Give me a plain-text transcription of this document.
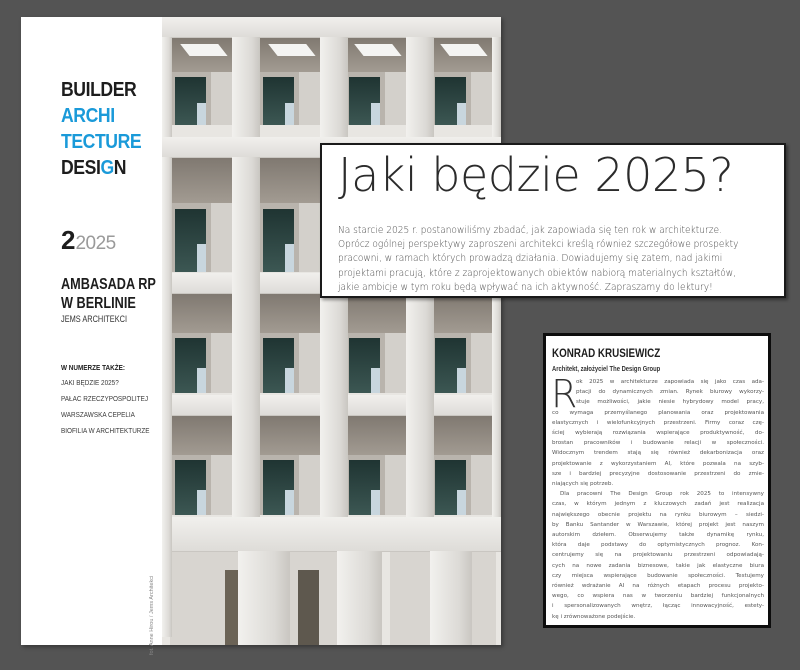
BUILDER
ARCHI
TECTURE
DESIGN
22025
AMBASADA RP
W BERLINIE
JEMS ARCHITEKCI
W NUMERZE TAKŻE:
JAKI BĘDZIE 2025?
PAŁAC RZECZYPOSPOLITEJ
WARSZAWSKA CEPELIA
BIOFILIA W ARCHITEKTURZE
fot. Anne Hirou / Jems Architekci
Jaki będzie 2025?
Na starcie 2025 r. postanowiliśmy zbadać, jak zapowiada się ten rok w architekturze.
Oprócz ogólnej perspektywy zaproszeni architekci kreślą również szczegółowe prospekty
pracowni, w ramach których prowadzą działania. Dowiadujemy się zatem, nad jakimi
projektami pracują, które z zaprojektowanych obiektów nabiorą materialnych kształtów,
jakie ambicje w tym roku będą wpływać na ich aktywność. Zapraszamy do lektury!
KONRAD KRUSIEWICZ
Architekt, założyciel The Design Group
R
ok 2025 w architekturze zapowiada się jako czas ada-
ptacji do dynamicznych zmian. Rynek biurowy wykorzy-
stuje możliwości, jakie niesie hybrydowy model pracy,
co wymaga przemyślanego planowania oraz projektowania
elastycznych i wielofunkcyjnych przestrzeni. Firmy coraz czę-
ściej wybierają rozwiązania wspierające produktywność, do-
brostan pracowników i budowanie relacji w społeczności.
Widocznym trendem stają się również dekarbonizacja oraz
projektowanie z wykorzystaniem AI, które pozwala na szyb-
sze i bardziej precyzyjne dostosowanie przestrzeni do zmie-
niających się potrzeb.
Dla pracowni The Design Group rok 2025 to intensywny
czas, w którym jednym z kluczowych zadań jest realizacja
największego obecnie projektu na rynku biurowym – siedzi-
by Banku Santander w Warszawie, której projekt jest naszym
autorskim dziełem. Obserwujemy także dynamikę rynku,
która daje podstawy do optymistycznych prognoz. Kon-
centrujemy się na projektowaniu przestrzeni odpowiadają-
cych na nowe zadania biznesowe, takie jak elastyczne biura
czy miejsca wspierające budowanie społeczności. Testujemy
również wdrażanie AI na różnych etapach procesu projekto-
wego, co wspiera nas w tworzeniu bardziej funkcjonalnych
i spersonalizowanych wnętrz, łącząc innowacyjność, estety-
kę i zrównoważone podejście.
